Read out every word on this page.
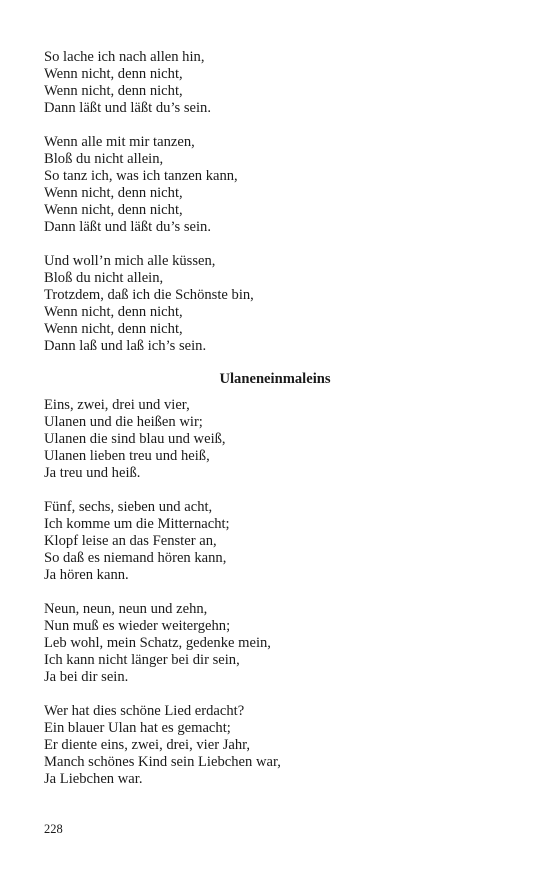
So lache ich nach allen hin,
Wenn nicht, denn nicht,
Wenn nicht, denn nicht,
Dann läßt und läßt du’s sein.
Wenn alle mit mir tanzen,
Bloß du nicht allein,
So tanz ich, was ich tanzen kann,
Wenn nicht, denn nicht,
Wenn nicht, denn nicht,
Dann läßt und läßt du’s sein.
Und woll’n mich alle küssen,
Bloß du nicht allein,
Trotzdem, daß ich die Schönste bin,
Wenn nicht, denn nicht,
Wenn nicht, denn nicht,
Dann laß und laß ich’s sein.
Ulaneneinmaleins
Eins, zwei, drei und vier,
Ulanen und die heißen wir;
Ulanen die sind blau und weiß,
Ulanen lieben treu und heiß,
Ja treu und heiß.
Fünf, sechs, sieben und acht,
Ich komme um die Mitternacht;
Klopf leise an das Fenster an,
So daß es niemand hören kann,
Ja hören kann.
Neun, neun, neun und zehn,
Nun muß es wieder weitergehn;
Leb wohl, mein Schatz, gedenke mein,
Ich kann nicht länger bei dir sein,
Ja bei dir sein.
Wer hat dies schöne Lied erdacht?
Ein blauer Ulan hat es gemacht;
Er diente eins, zwei, drei, vier Jahr,
Manch schönes Kind sein Liebchen war,
Ja Liebchen war.
228
